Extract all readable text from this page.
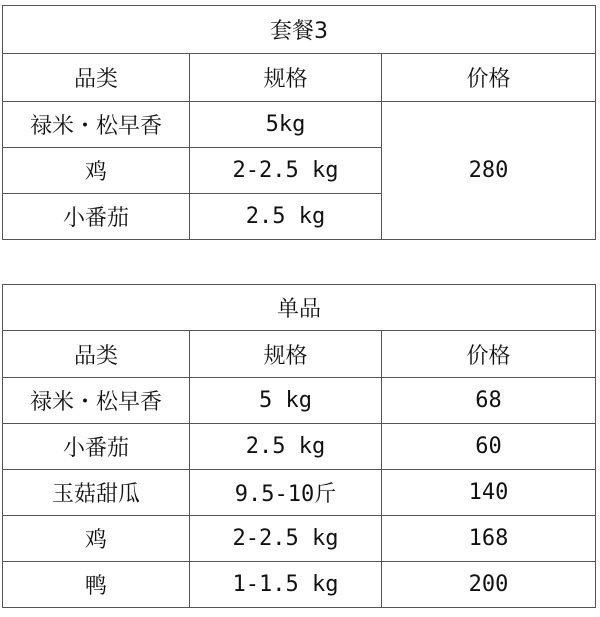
套餐3		
品类	规格	价格
禄米・松早香	5kg	280
鸡	2-2.5 kg	
小番茄	2.5 kg	
单品		
品类	规格	价格
禄米・松早香	5 kg	68
小番茄	2.5 kg	60
玉菇甜瓜	9.5-10斤	140
鸡	2-2.5 kg	168
鸭	1-1.5 kg	200
